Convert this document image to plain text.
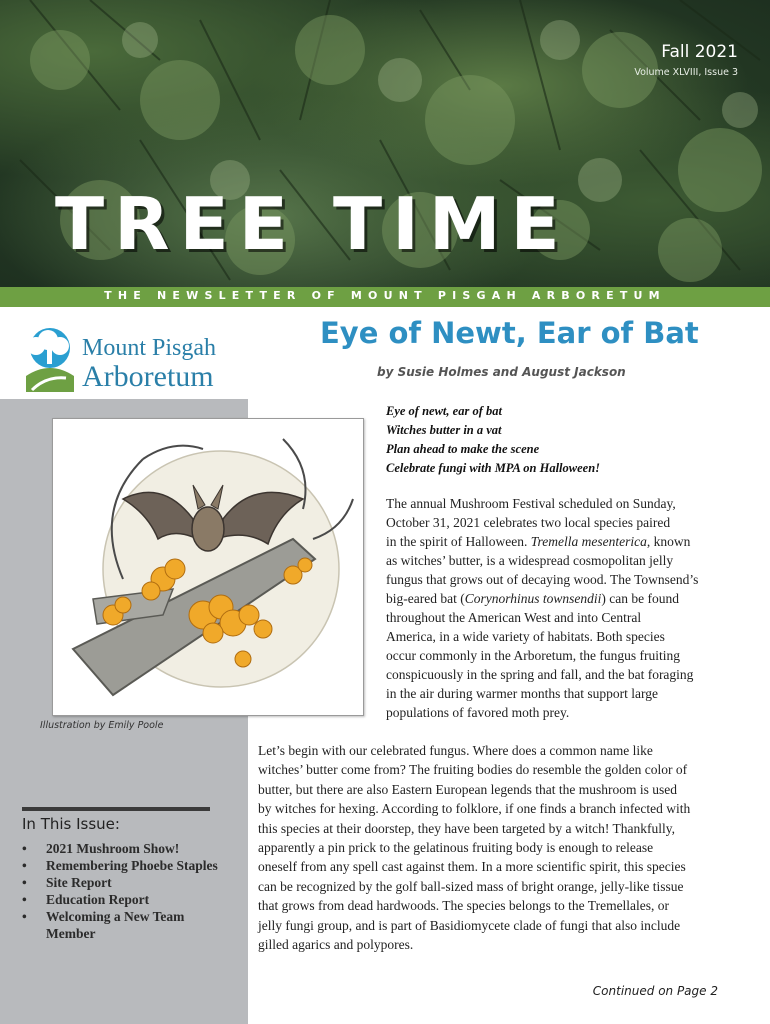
Fall 2021
Volume XLVIII, Issue 3
TREE TIME
THE NEWSLETTER OF MOUNT PISGAH ARBORETUM
Mount Pisgah
Arboretum
Illustration by Emily Poole
In This Issue:
• 2021 Mushroom Show!
• Remembering Phoebe Staples
• Site Report
• Education Report
• Welcoming a New Team Member
Eye of Newt, Ear of Bat
by Susie Holmes and August Jackson
Eye of newt, ear of bat
Witches butter in a vat
Plan ahead to make the scene
Celebrate fungi with MPA on Halloween!
The annual Mushroom Festival scheduled on Sunday,
October 31, 2021 celebrates two local species paired
in the spirit of Halloween. Tremella mesenterica, known
as witches’ butter, is a widespread cosmopolitan jelly
fungus that grows out of decaying wood. The Townsend’s
big-eared bat (Corynorhinus townsendii) can be found
throughout the American West and into Central
America, in a wide variety of habitats. Both species
occur commonly in the Arboretum, the fungus fruiting
conspicuously in the spring and fall, and the bat foraging
in the air during warmer months that support large
populations of favored moth prey.
Let’s begin with our celebrated fungus. Where does a common name like
witches’ butter come from? The fruiting bodies do resemble the golden color of
butter, but there are also Eastern European legends that the mushroom is used
by witches for hexing. According to folklore, if one finds a branch infected with
this species at their doorstep, they have been targeted by a witch! Thankfully,
apparently a pin prick to the gelatinous fruiting body is enough to release
oneself from any spell cast against them. In a more scientific spirit, this species
can be recognized by the golf ball-sized mass of bright orange, jelly-like tissue
that grows from dead hardwoods. The species belongs to the Tremellales, or
jelly fungi group, and is part of Basidiomycete clade of fungi that also include
gilled agarics and polypores.
Continued on Page 2
